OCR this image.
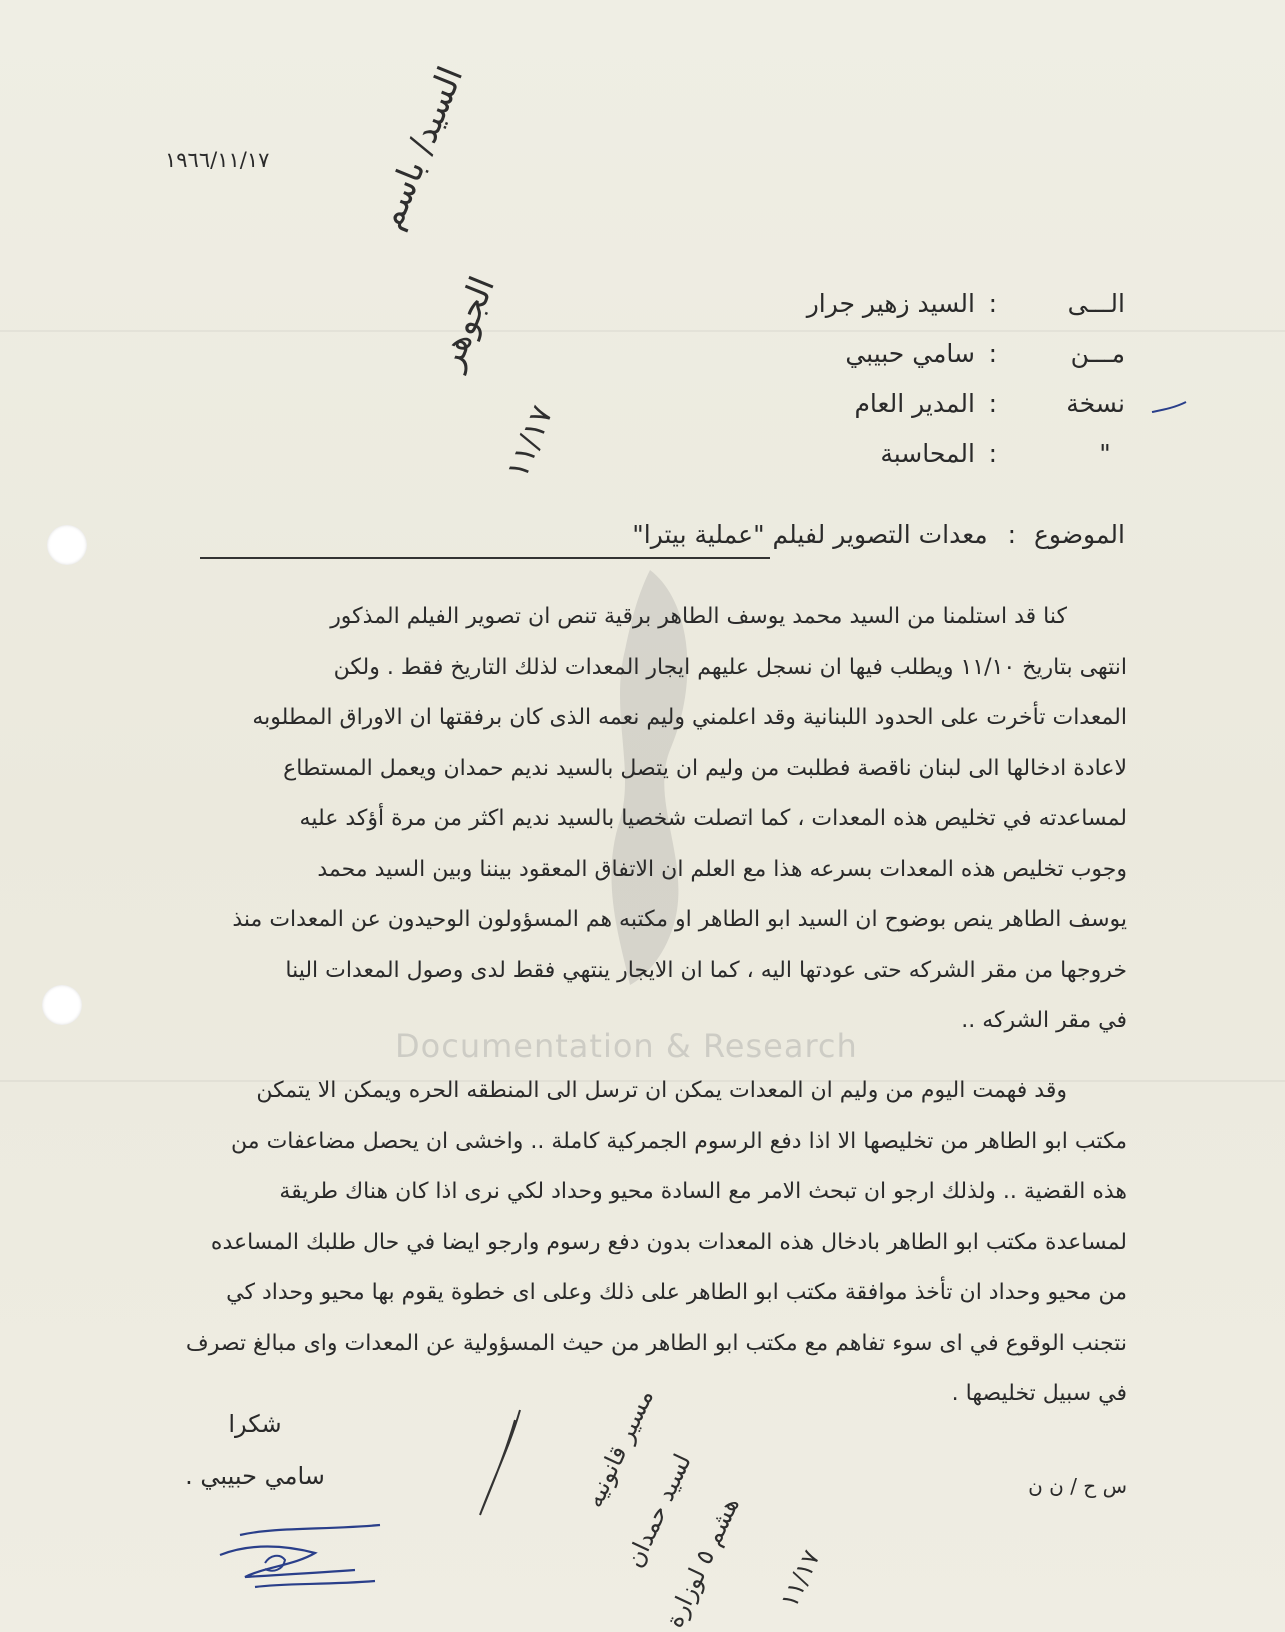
Documentation & Research
١٩٦٦/١١/١٧	السيد/ باسم
الجوهر
١١/١٧
الـــى
:
السيد زهير جرار
مـــن
:
سامي حبيبي
نسخة
:
المدير العام
"
:
المحاسبة
الموضوع : معدات التصوير لفيلم "عملية بيترا"

كنا قد استلمنا من السيد محمد يوسف الطاهر برقية تنص ان تصوير الفيلم المذكور
انتهى بتاريخ ١١/١٠ ويطلب فيها ان نسجل عليهم ايجار المعدات لذلك التاريخ فقط . ولكن
المعدات تأخرت على الحدود اللبنانية وقد اعلمني وليم نعمه الذى كان برفقتها ان الاوراق المطلوبه
لاعادة ادخالها الى لبنان ناقصة فطلبت من وليم ان يتصل بالسيد نديم حمدان ويعمل المستطاع
لمساعدته في تخليص هذه المعدات ، كما اتصلت شخصيا بالسيد نديم اكثر من مرة أؤكد عليه
وجوب تخليص هذه المعدات بسرعه هذا مع العلم ان الاتفاق المعقود بيننا وبين السيد محمد
يوسف الطاهر ينص بوضوح ان السيد ابو الطاهر او مكتبه هم المسؤولون الوحيدون عن المعدات منذ
خروجها من مقر الشركه حتى عودتها اليه ، كما ان الايجار ينتهي فقط لدى وصول المعدات الينا
في مقر الشركه ..

وقد فهمت اليوم من وليم ان المعدات يمكن ان ترسل الى المنطقه الحره ويمكن الا يتمكن
مكتب ابو الطاهر من تخليصها الا اذا دفع الرسوم الجمركية كاملة .. واخشى ان يحصل مضاعفات من
هذه القضية .. ولذلك ارجو ان تبحث الامر مع السادة محيو وحداد لكي نرى اذا كان هناك طريقة
لمساعدة مكتب ابو الطاهر بادخال هذه المعدات بدون دفع رسوم وارجو ايضا في حال طلبك المساعده
من محيو وحداد ان تأخذ موافقة مكتب ابو الطاهر على ذلك وعلى اى خطوة يقوم بها محيو وحداد كي
نتجنب الوقوع في اى سوء تفاهم مع مكتب ابو الطاهر من حيث المسؤولية عن المعدات واى مبالغ تصرف
في سبيل تخليصها .

شكرا
سامي حبيبي .	مسير قانونيه
لسيد حمدان
هشم ٥ لوزارة
١١/١٧
س ح / ن ن
